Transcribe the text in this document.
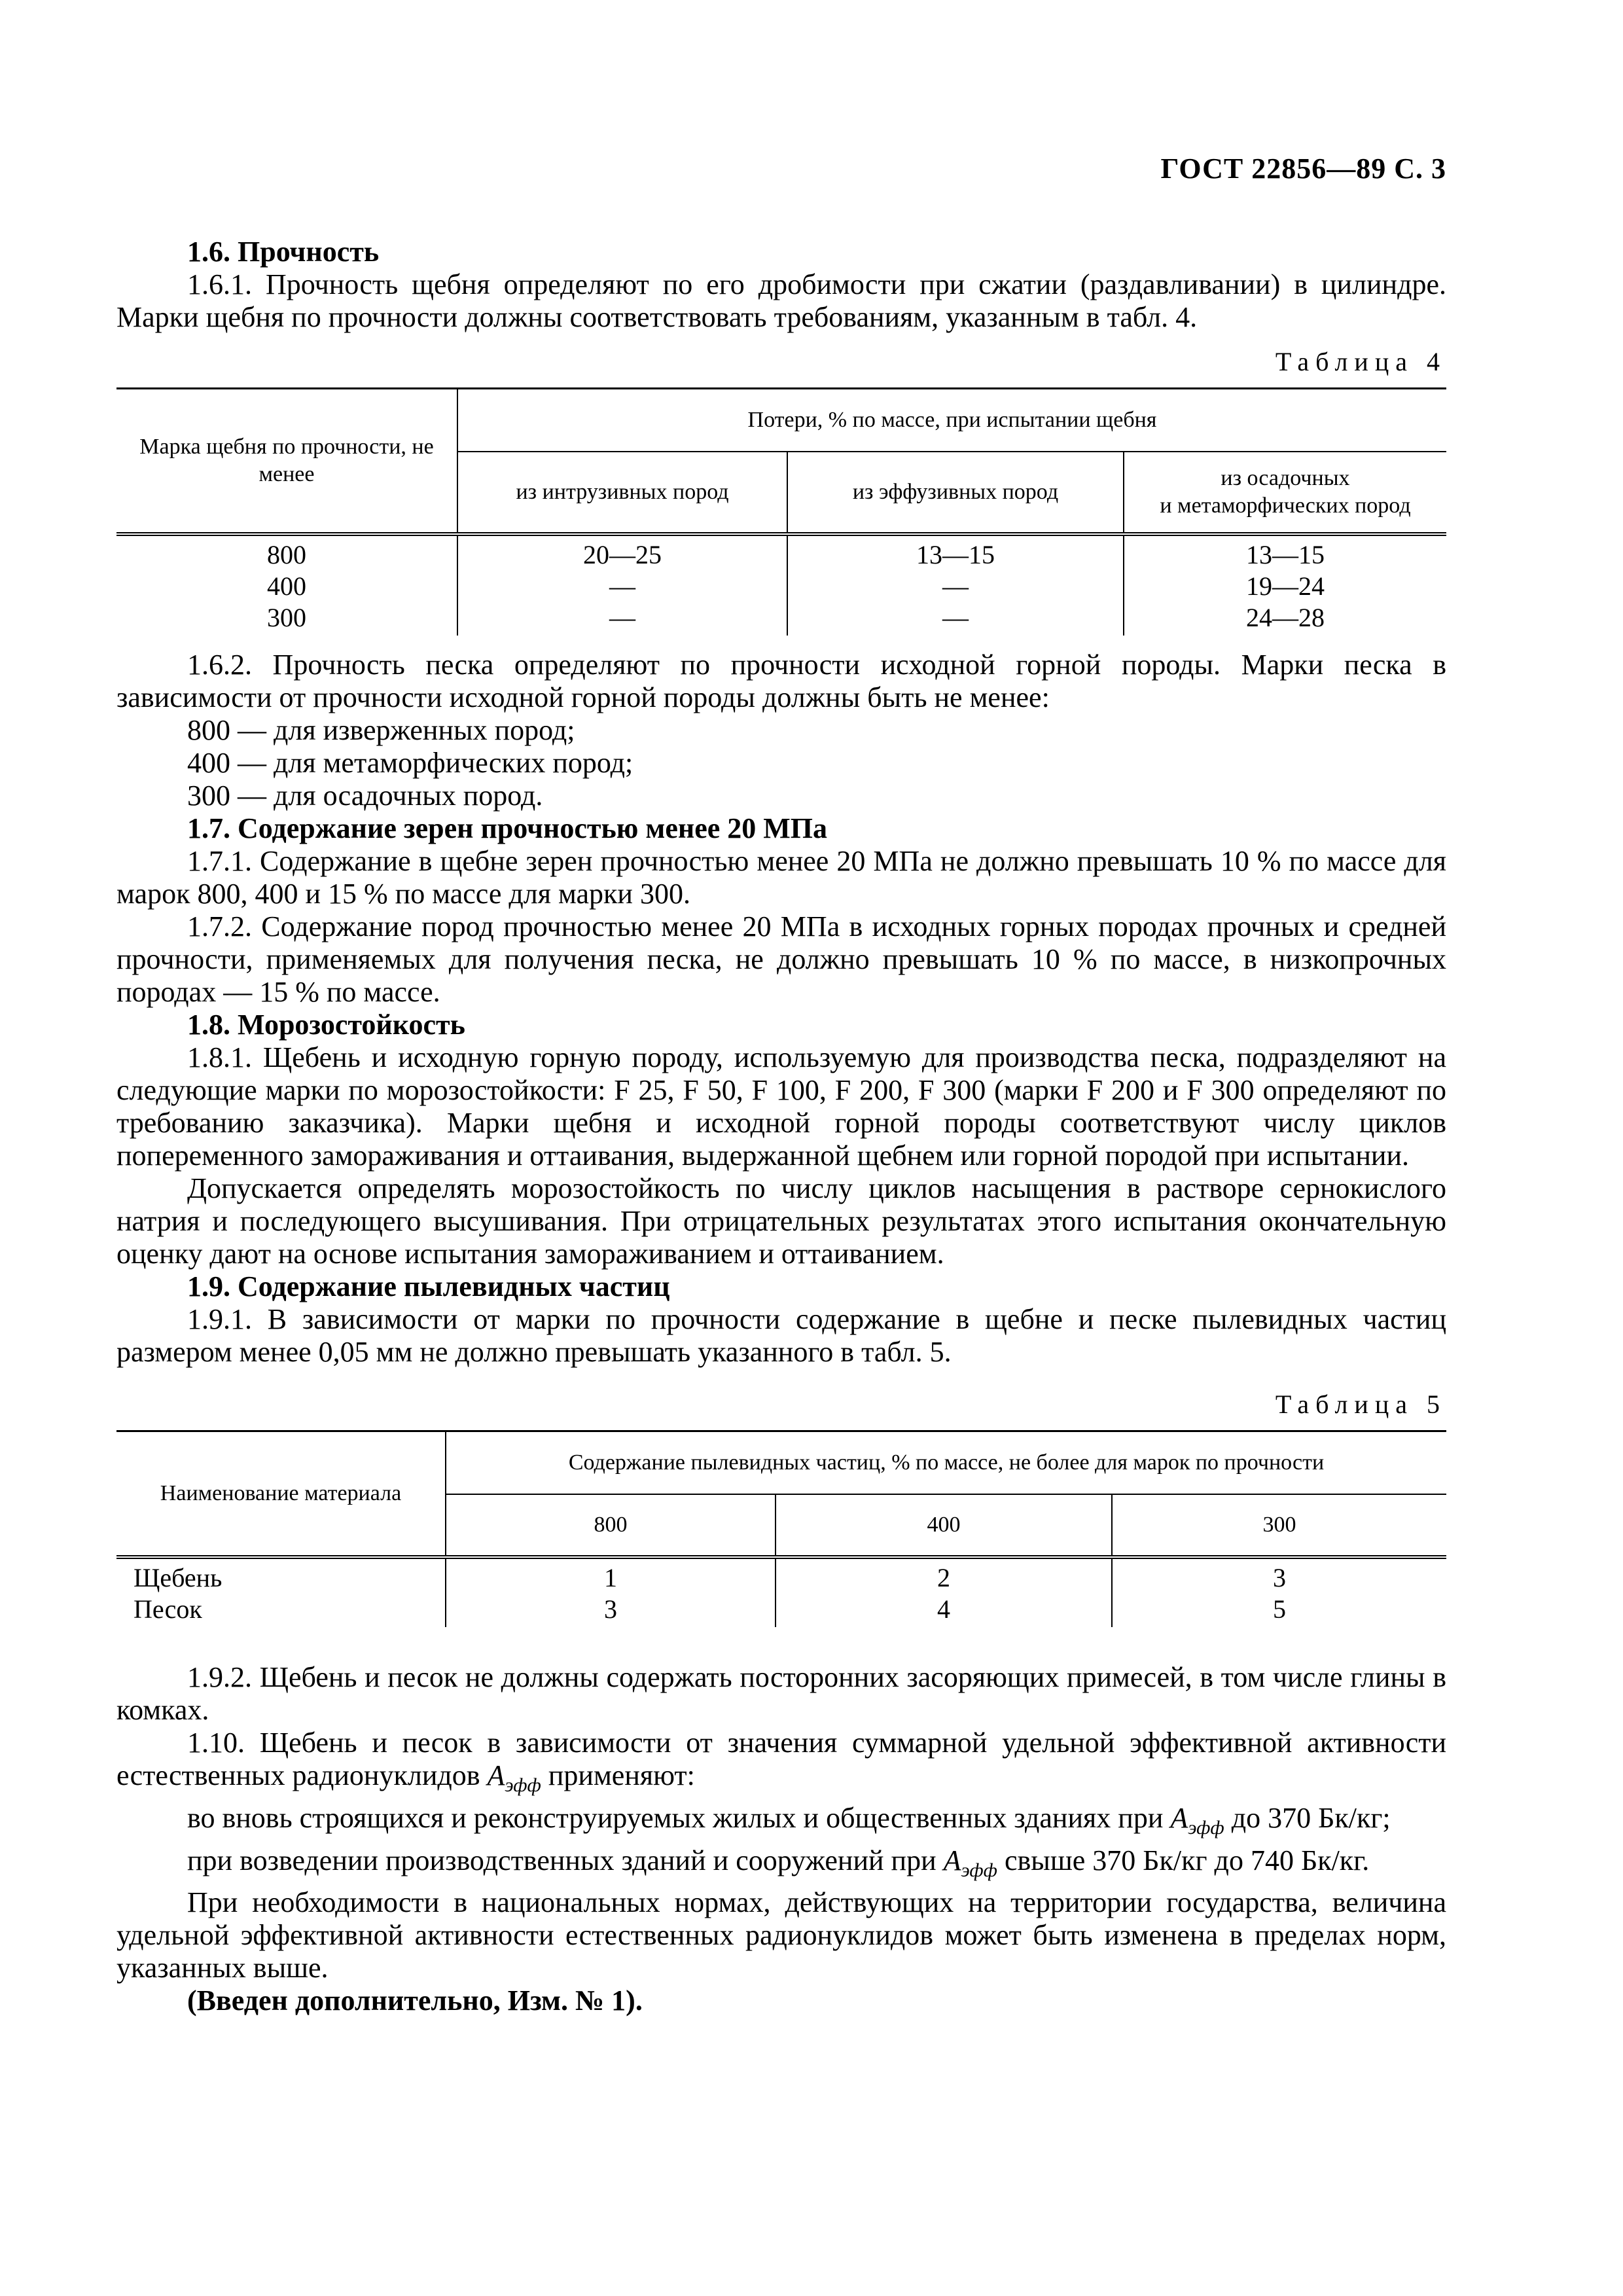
ГОСТ 22856—89 С. 3

1.6. Прочность

1.6.1. Прочность щебня определяют по его дробимости при сжатии (раздавливании) в цилиндре. Марки щебня по прочности должны соответствовать требованиям, указанным в табл. 4.

Таблица 4
Марка щебня по прочности, не менее	Потери, % по массе, при испытании щебня		
	из интрузивных пород	из эффузивных пород	из осадочных
и метаморфических пород

800	20—25	13—15	13—15
400	—	—	19—24
300	—	—	24—28

1.6.2. Прочность песка определяют по прочности исходной горной породы. Марки песка в зависимости от прочности исходной горной породы должны быть не менее:

800 — для изверженных пород;

400 — для метаморфических пород;

300 — для осадочных пород.

1.7. Содержание зерен прочностью менее 20 МПа

1.7.1. Содержание в щебне зерен прочностью менее 20 МПа не должно превышать 10 % по массе для марок 800, 400 и 15 % по массе для марки 300.

1.7.2. Содержание пород прочностью менее 20 МПа в исходных горных породах прочных и средней прочности, применяемых для получения песка, не должно превышать 10 % по массе, в низкопрочных породах — 15 % по массе.

1.8. Морозостойкость

1.8.1. Щебень и исходную горную породу, используемую для производства песка, подразделяют на следующие марки по морозостойкости: F 25, F 50, F 100, F 200, F 300 (марки F 200 и F 300 определяют по требованию заказчика). Марки щебня и исходной горной породы соответствуют числу циклов попеременного замораживания и оттаивания, выдержанной щебнем или горной породой при испытании.

Допускается определять морозостойкость по числу циклов насыщения в растворе сернокислого натрия и последующего высушивания. При отрицательных результатах этого испытания окончательную оценку дают на основе испытания замораживанием и оттаиванием.

1.9. Содержание пылевидных частиц

1.9.1. В зависимости от марки по прочности содержание в щебне и песке пылевидных частиц размером менее 0,05 мм не должно превышать указанного в табл. 5.

Таблица 5
Наименование материала	Содержание пылевидных частиц, % по массе, не более для марок по прочности		
	800	400	300
Щебень	1	2	3
Песок	3	4	5

1.9.2. Щебень и песок не должны содержать посторонних засоряющих примесей, в том числе глины в комках.

1.10. Щебень и песок в зависимости от значения суммарной удельной эффективной активности естественных радионуклидов $A_{эфф}$ применяют:

во вновь строящихся и реконструируемых жилых и общественных зданиях при $A_{эфф}$ до 370 Бк/кг;

при возведении производственных зданий и сооружений при $A_{эфф}$ свыше 370 Бк/кг до 740 Бк/кг.

При необходимости в национальных нормах, действующих на территории государства, величина удельной эффективной активности естественных радионуклидов может быть изменена в пределах норм, указанных выше.

(Введен дополнительно, Изм. № 1).
